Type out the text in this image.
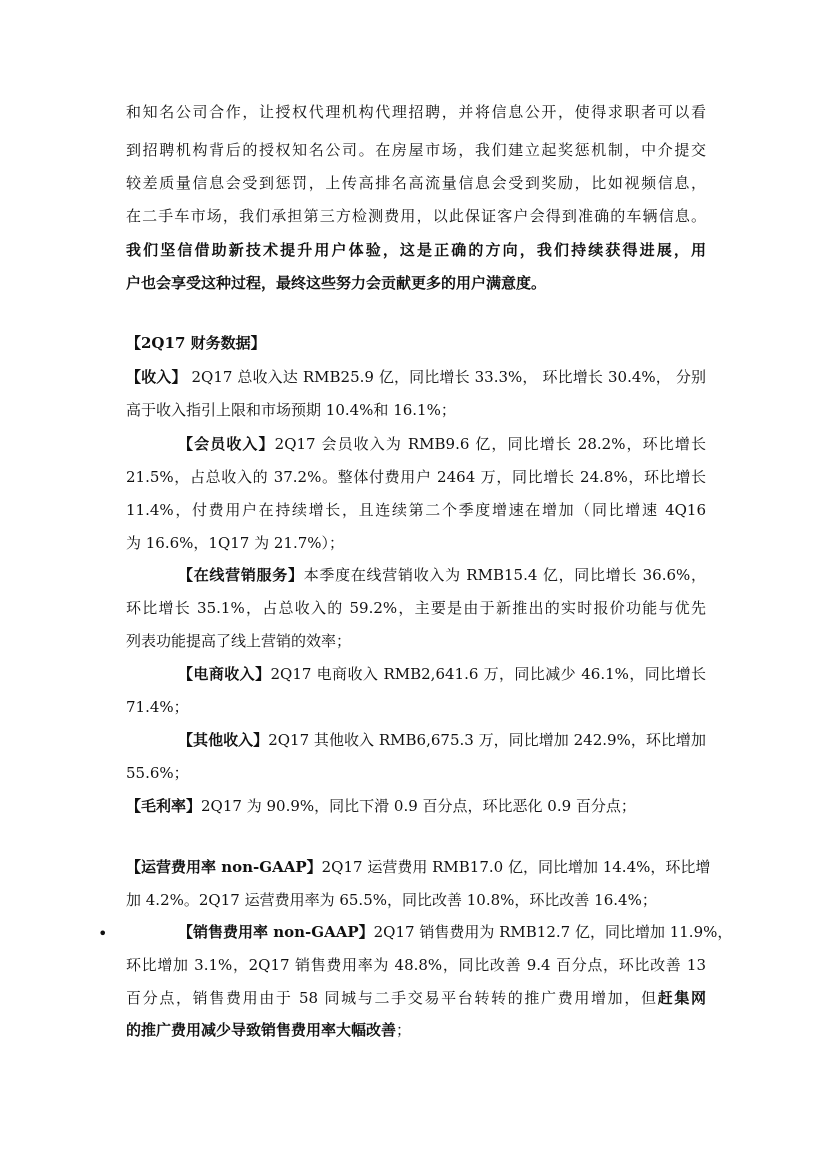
和知名公司合作，让授权代理机构代理招聘，并将信息公开，使得求职者可以看
到招聘机构背后的授权知名公司。在房屋市场，我们建立起奖惩机制，中介提交
较差质量信息会受到惩罚，上传高排名高流量信息会受到奖励，比如视频信息，
在二手车市场，我们承担第三方检测费用，以此保证客户会得到准确的车辆信息。
我们坚信借助新技术提升用户体验，这是正确的方向，我们持续获得进展，用
户也会享受这种过程，最终这些努力会贡献更多的用户满意度。
【2Q17 财务数据】
【收入】 2Q17 总收入达 RMB25.9 亿，同比增长 33.3%， 环比增长 30.4%， 分别
高于收入指引上限和市场预期 10.4%和 16.1%；
【会员收入】2Q17 会员收入为 RMB9.6 亿，同比增长 28.2%，环比增长
21.5%，占总收入的 37.2%。整体付费用户 2464 万，同比增长 24.8%，环比增长
11.4%，付费用户在持续增长，且连续第二个季度增速在增加（同比增速 4Q16
为 16.6%，1Q17 为 21.7%）；
【在线营销服务】本季度在线营销收入为 RMB15.4 亿，同比增长 36.6%，
环比增长 35.1%，占总收入的 59.2%，主要是由于新推出的实时报价功能与优先
列表功能提高了线上营销的效率；
【电商收入】2Q17 电商收入 RMB2,641.6 万，同比减少 46.1%，同比增长
71.4%；
【其他收入】2Q17 其他收入 RMB6,675.3 万，同比增加 242.9%，环比增加
55.6%；
【毛利率】2Q17 为 90.9%，同比下滑 0.9 百分点，环比恶化 0.9 百分点；
【运营费用率 non-GAAP】2Q17 运营费用 RMB17.0 亿，同比增加 14.4%，环比增
加 4.2%。2Q17 运营费用率为 65.5%，同比改善 10.8%，环比改善 16.4%；
•	【销售费用率 non-GAAP】2Q17 销售费用为 RMB12.7 亿，同比增加 11.9%，
环比增加 3.1%，2Q17 销售费用率为 48.8%，同比改善 9.4 百分点，环比改善 13
百分点，销售费用由于 58 同城与二手交易平台转转的推广费用增加，但赶集网
的推广费用减少导致销售费用率大幅改善；
